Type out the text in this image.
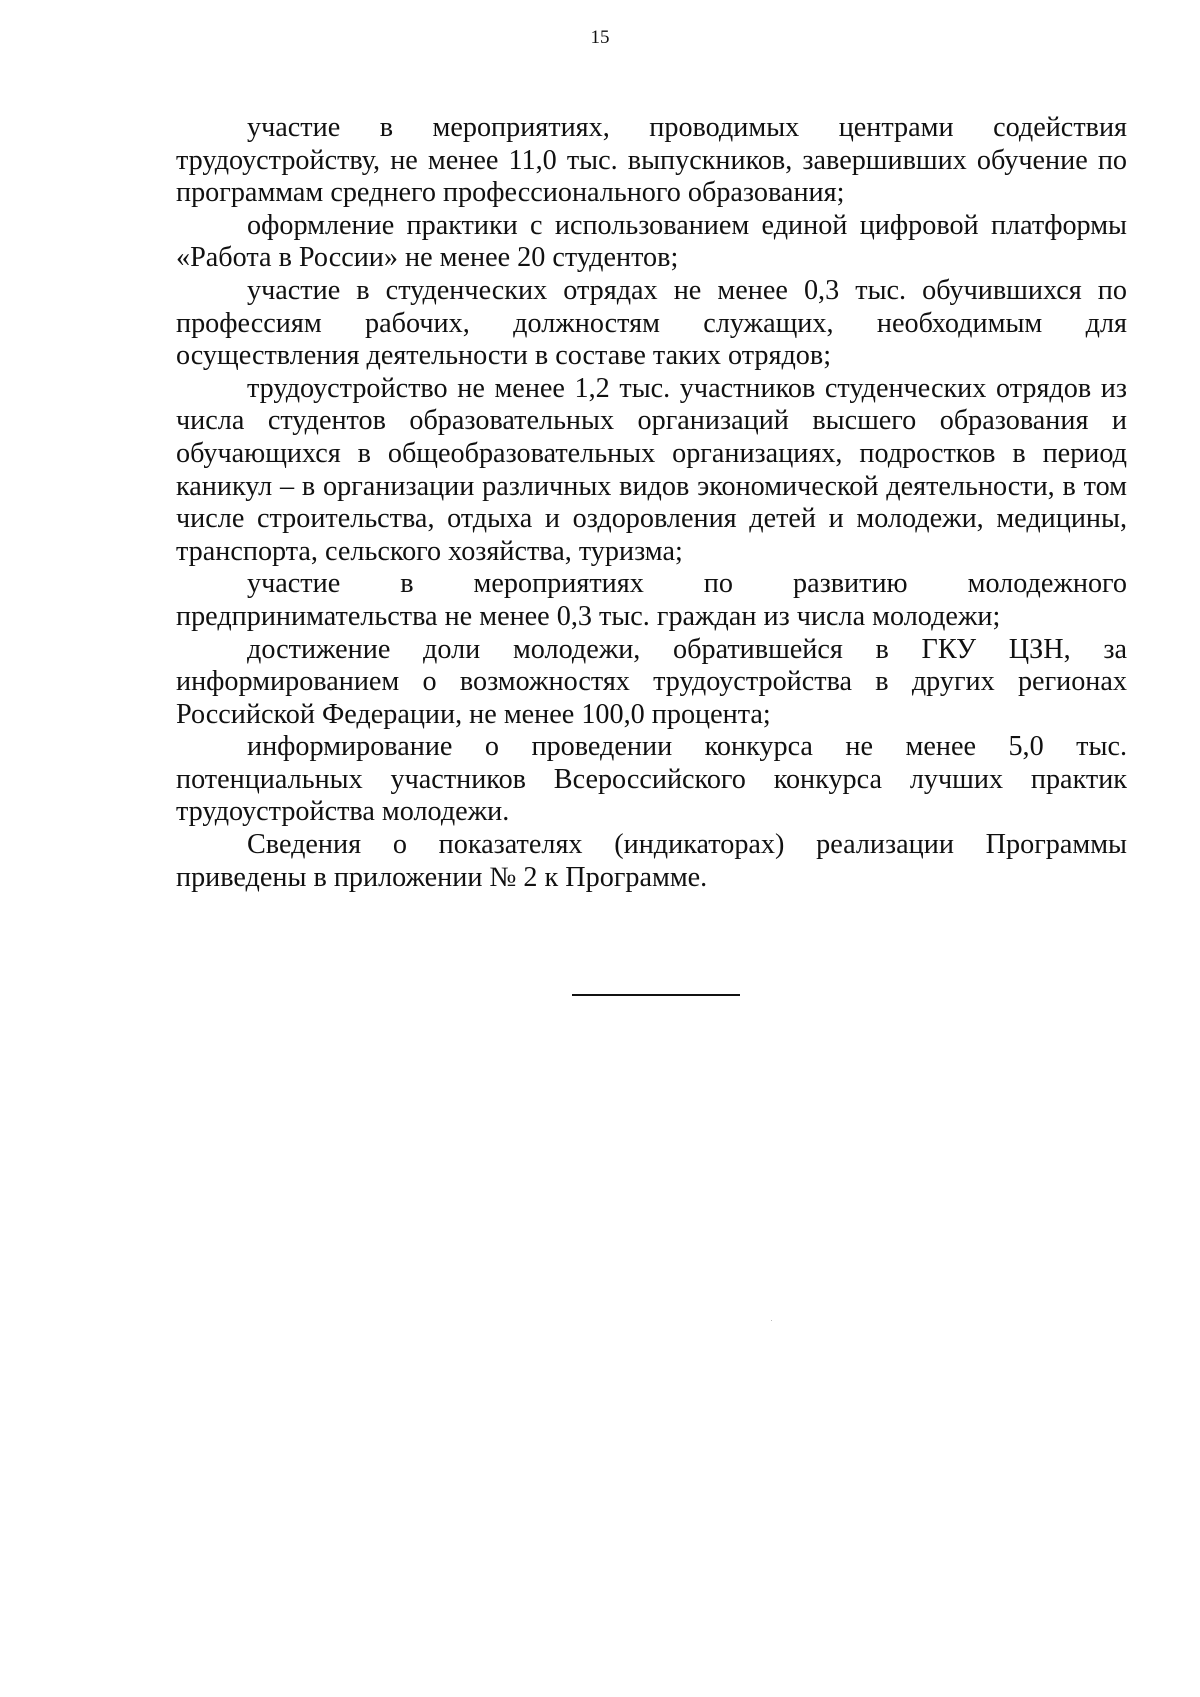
15

участие в мероприятиях, проводимых центрами содействия трудоустройству, не менее 11,0 тыс. выпускников, завершивших обучение по программам среднего профессионального образования;

оформление практики с использованием единой цифровой платформы «Работа в России» не менее 20 студентов;

участие в студенческих отрядах не менее 0,3 тыс. обучившихся по профессиям рабочих, должностям служащих, необходимым для осуществления деятельности в составе таких отрядов;

трудоустройство не менее 1,2 тыс. участников студенческих отрядов из числа студентов образовательных организаций высшего образования и обучающихся в общеобразовательных организациях, подростков в период каникул – в организации различных видов экономической деятельности, в том числе строительства, отдыха и оздоровления детей и молодежи, медицины, транспорта, сельского хозяйства, туризма;

участие в мероприятиях по развитию молодежного предпринимательства не менее 0,3 тыс. граждан из числа молодежи;

достижение доли молодежи, обратившейся в ГКУ ЦЗН, за информированием о возможностях трудоустройства в других регионах Российской Федерации, не менее 100,0 процента;

информирование о проведении конкурса не менее 5,0 тыс. потенциальных участников Всероссийского конкурса лучших практик трудоустройства молодежи.

Сведения о показателях (индикаторах) реализации Программы приведены в приложении № 2 к Программе.
